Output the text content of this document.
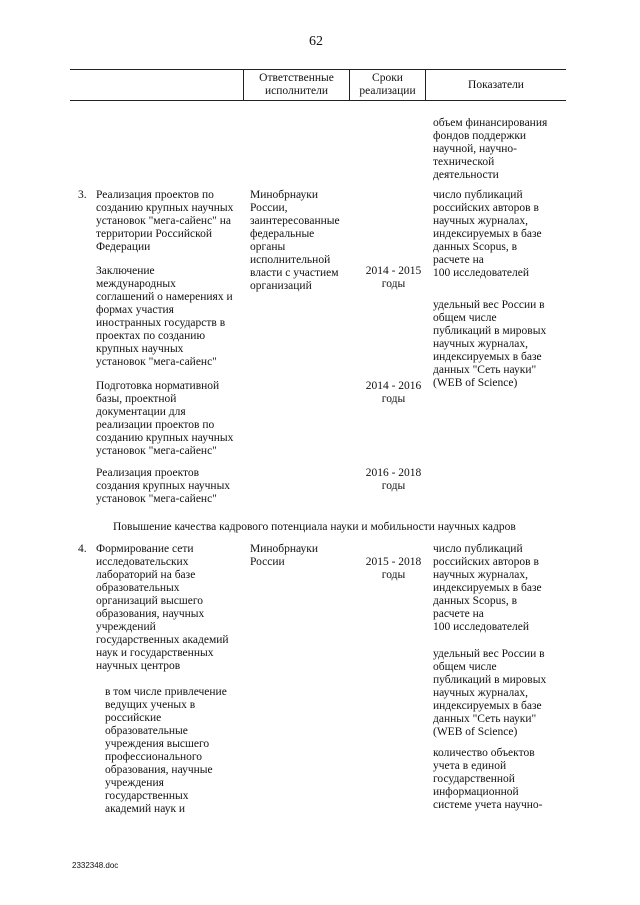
62
Ответственные
исполнители
Сроки
реализации	Показатели
объем финансирования
фондов поддержки
научной, научно-
технической
деятельности
3. Реализация проектов по
созданию крупных научных
установок "мега-сайенс" на
территории Российской
Федерации
Минобрнауки
России,
заинтересованные
федеральные
органы
исполнительной
власти с участием
организаций
число публикаций
российских авторов в
научных журналах,
индексируемых в базе
данных Scopus, в
расчете на
100 исследователей
Заключение
международных
соглашений о намерениях и
формах участия
иностранных государств в
проектах по созданию
крупных научных
установок "мега-сайенс"
2014 - 2015
годы
удельный вес России в
общем числе
публикаций в мировых
научных журналах,
индексируемых в базе
данных "Сеть науки"
(WEB of Science)
Подготовка нормативной
базы, проектной
документации для
реализации проектов по
созданию крупных научных
установок "мега-сайенс"
2014 - 2016
годы
Реализация проектов
создания крупных научных
установок "мега-сайенс"
2016 - 2018
годы
Повышение качества кадрового потенциала науки и мобильности научных кадров
4. Формирование сети
исследовательских
лабораторий на базе
образовательных
организаций высшего
образования, научных
учреждений
государственных академий
наук и государственных
научных центров
Минобрнауки
России	2015 - 2018
годы
число публикаций
российских авторов в
научных журналах,
индексируемых в базе
данных Scopus, в
расчете на
100 исследователей
в том числе привлечение
ведущих ученых в
российские
образовательные
учреждения высшего
профессионального
образования, научные
учреждения
государственных
академий наук и
удельный вес России в
общем числе
публикаций в мировых
научных журналах,
индексируемых в базе
данных "Сеть науки"
(WEB of Science)
количество объектов
учета в единой
государственной
информационной
системе учета научно-
2332348.doc
